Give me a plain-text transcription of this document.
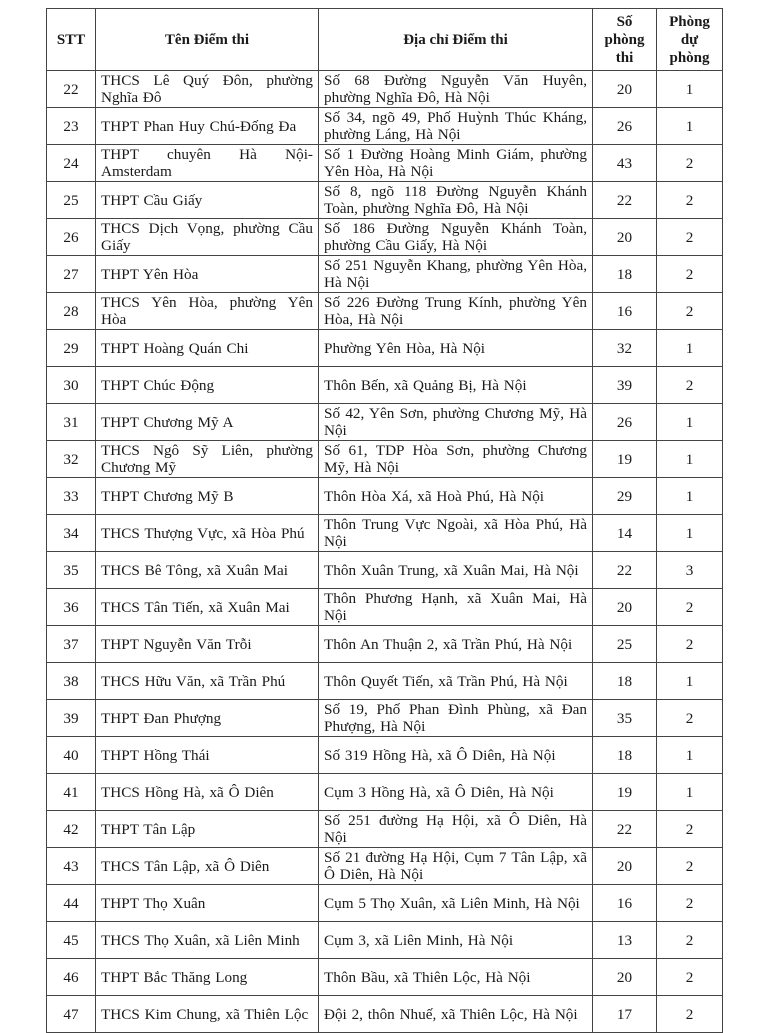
STT	Tên Điểm thi	Địa chỉ Điểm thi	Số phòng thi	Phòng dự phòng
22	THCS Lê Quý Đôn, phường Nghĩa Đô	Số 68 Đường Nguyễn Văn Huyên, phường Nghĩa Đô, Hà Nội	20	1
23	THPT Phan Huy Chú-Đống Đa	Số 34, ngõ 49, Phố Huỳnh Thúc Kháng, phường Láng, Hà Nội	26	1
24	THPT chuyên Hà Nội-Amsterdam	Số 1 Đường Hoàng Minh Giám, phường Yên Hòa, Hà Nội	43	2
25	THPT Cầu Giấy	Số 8, ngõ 118 Đường Nguyễn Khánh Toàn, phường Nghĩa Đô, Hà Nội	22	2
26	THCS Dịch Vọng, phường Cầu Giấy	Số 186 Đường Nguyễn Khánh Toàn, phường Cầu Giấy, Hà Nội	20	2
27	THPT Yên Hòa	Số 251 Nguyễn Khang, phường Yên Hòa, Hà Nội	18	2
28	THCS Yên Hòa, phường Yên Hòa	Số 226 Đường Trung Kính, phường Yên Hòa, Hà Nội	16	2
29	THPT Hoàng Quán Chi	Phường Yên Hòa, Hà Nội	32	1
30	THPT Chúc Động	Thôn Bến, xã Quảng Bị, Hà Nội	39	2
31	THPT Chương Mỹ A	Số 42, Yên Sơn, phường Chương Mỹ, Hà Nội	26	1
32	THCS Ngô Sỹ Liên, phường Chương Mỹ	Số 61, TDP Hòa Sơn, phường Chương Mỹ, Hà Nội	19	1
33	THPT Chương Mỹ B	Thôn Hòa Xá, xã Hoà Phú, Hà Nội	29	1
34	THCS Thượng Vực, xã Hòa Phú	Thôn Trung Vực Ngoài, xã Hòa Phú, Hà Nội	14	1
35	THCS Bê Tông, xã Xuân Mai	Thôn Xuân Trung, xã Xuân Mai, Hà Nội	22	3
36	THCS Tân Tiến, xã Xuân Mai	Thôn Phương Hạnh, xã Xuân Mai, Hà Nội	20	2
37	THPT Nguyễn Văn Trỗi	Thôn An Thuận 2, xã Trần Phú, Hà Nội	25	2
38	THCS Hữu Văn, xã Trần Phú	Thôn Quyết Tiến, xã Trần Phú, Hà Nội	18	1
39	THPT Đan Phượng	Số 19, Phố Phan Đình Phùng, xã Đan Phượng, Hà Nội	35	2
40	THPT Hồng Thái	Số 319 Hồng Hà, xã Ô Diên, Hà Nội	18	1
41	THCS Hồng Hà, xã Ô Diên	Cụm 3 Hồng Hà, xã Ô Diên, Hà Nội	19	1
42	THPT Tân Lập	Số 251 đường Hạ Hội, xã Ô Diên, Hà Nội	22	2
43	THCS Tân Lập, xã Ô Diên	Số 21 đường Hạ Hội, Cụm 7 Tân Lập, xã Ô Diên, Hà Nội	20	2
44	THPT Thọ Xuân	Cụm 5 Thọ Xuân, xã Liên Minh, Hà Nội	16	2
45	THCS Thọ Xuân, xã Liên Minh	Cụm 3, xã Liên Minh, Hà Nội	13	2
46	THPT Bắc Thăng Long	Thôn Bầu, xã Thiên Lộc, Hà Nội	20	2
47	THCS Kim Chung, xã Thiên Lộc	Đội 2, thôn Nhuế, xã Thiên Lộc, Hà Nội	17	2
